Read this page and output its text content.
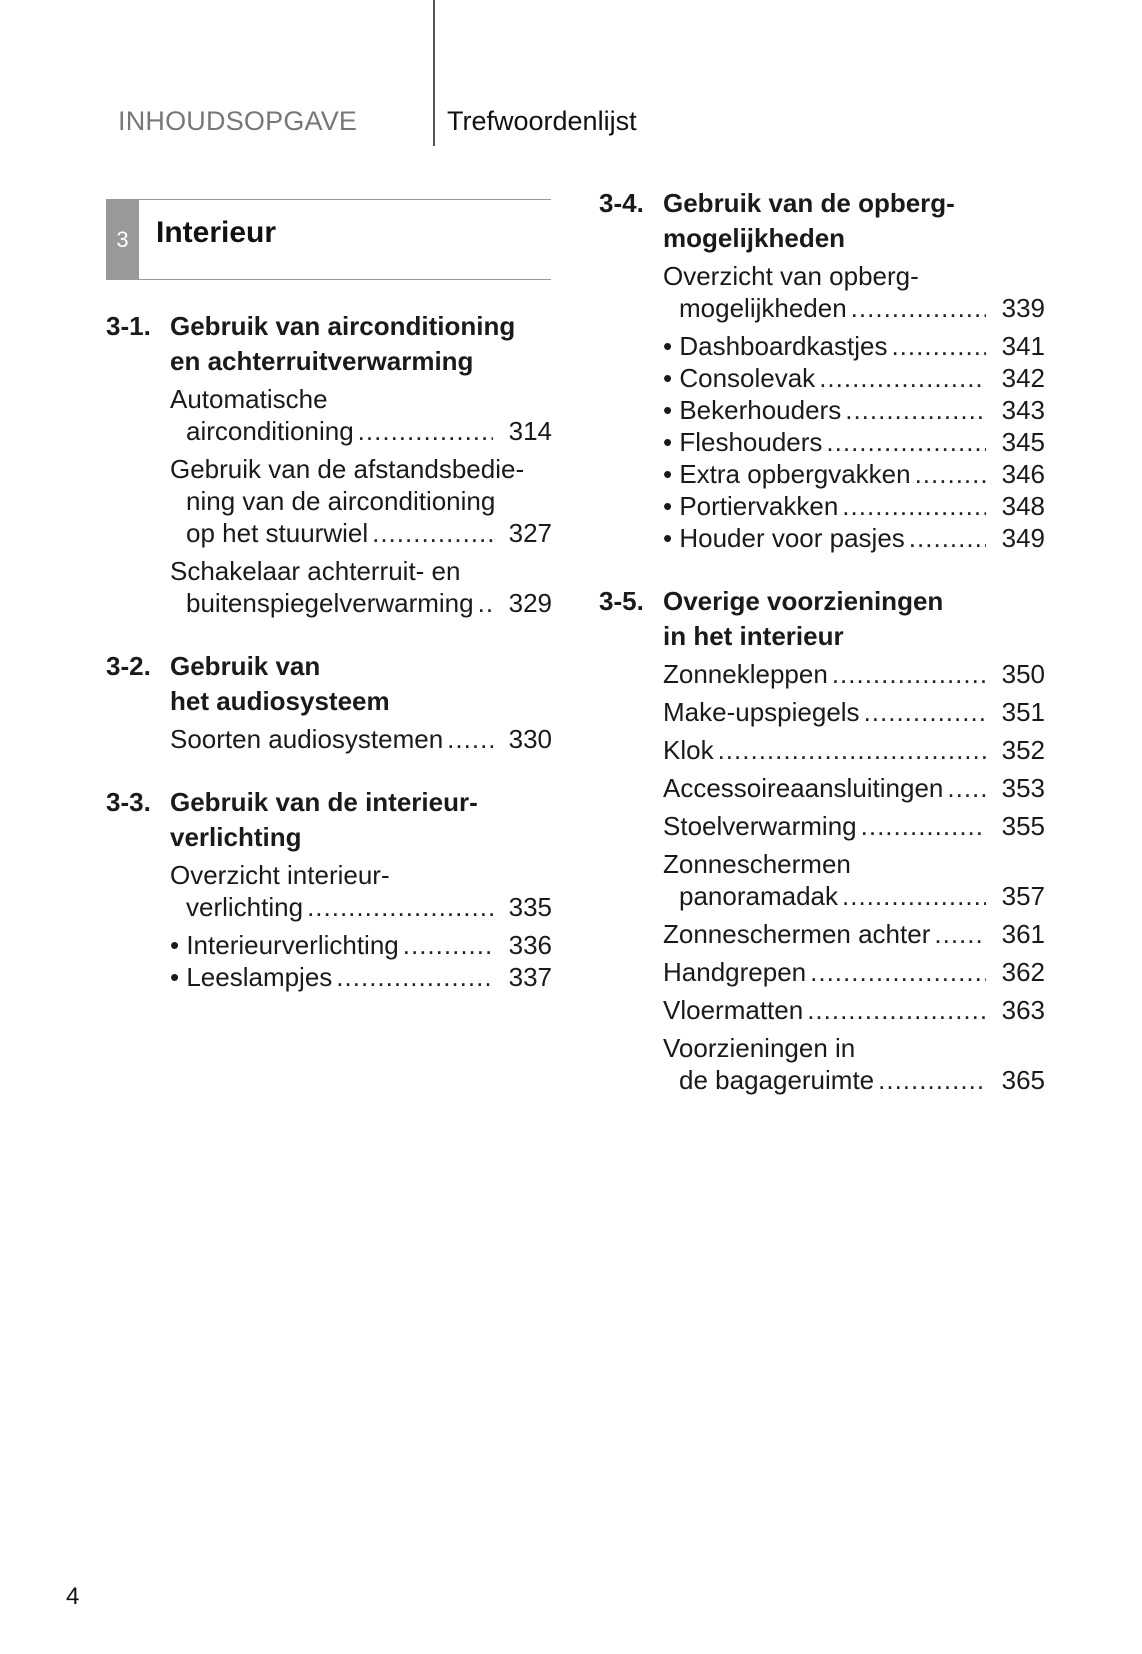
INHOUDSOPGAVE	Trefwoordenlijst
3 Interieur
3-1. Gebruik van airconditioning
en achterruitverwarming
Automatische
airconditioning .....	314
Gebruik van de afstandsbedie-
ning van de airconditioning
op het stuurwiel .....	327
Schakelaar achterruit- en
buitenspiegelverwarming .....	329
3-2. Gebruik van
het audiosysteem
Soorten audiosystemen .....	330
3-3. Gebruik van de interieur-
verlichting
Overzicht interieur-
verlichting .....	335
• Interieurverlichting .....	336
• Leeslampjes .....	337
3-4. Gebruik van de opberg-
mogelijkheden
Overzicht van opberg-
mogelijkheden .....	339
• Dashboardkastjes .....	341
• Consolevak .....	342
• Bekerhouders .....	343
• Fleshouders .....	345
• Extra opbergvakken .....	346
• Portiervakken .....	348
• Houder voor pasjes .....	349
3-5. Overige voorzieningen
in het interieur
Zonnekleppen .....	350
Make-upspiegels .....	351
Klok .....	352
Accessoireaansluitingen .....	353
Stoelverwarming .....	355
Zonneschermen
panoramadak .....	357
Zonneschermen achter .....	361
Handgrepen .....	362
Vloermatten .....	363
Voorzieningen in
de bagageruimte .....	365
4
